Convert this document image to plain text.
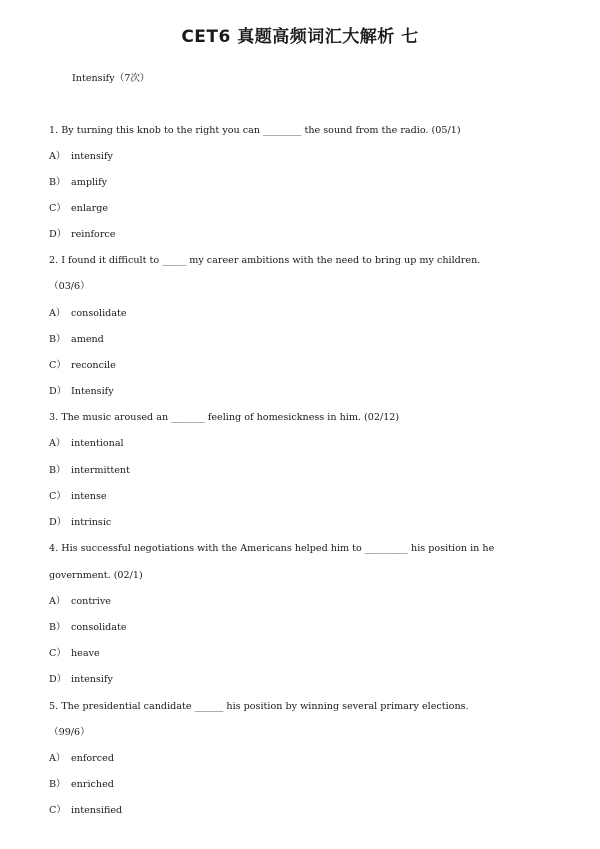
CET6 真题高频词汇大解析 七
Intensify（7次）
1. By turning this knob to the right you can ________ the sound from the radio. (05/1)
A） intensify
B） amplify
C） enlarge
D） reinforce
2. I found it difficult to _____ my career ambitions with the need to bring up my children.
（03/6）
A） consolidate
B） amend
C） reconcile
D） Intensify
3. The music aroused an _______ feeling of homesickness in him. (02/12)
A） intentional
B） intermittent
C） intense
D） intrinsic
4. His successful negotiations with the Americans helped him to _________ his position in he
government. (02/1)
A） contrive
B） consolidate
C） heave
D） intensify
5. The presidential candidate ______ his position by winning several primary elections.
（99/6）
A） enforced
B） enriched
C） intensified
